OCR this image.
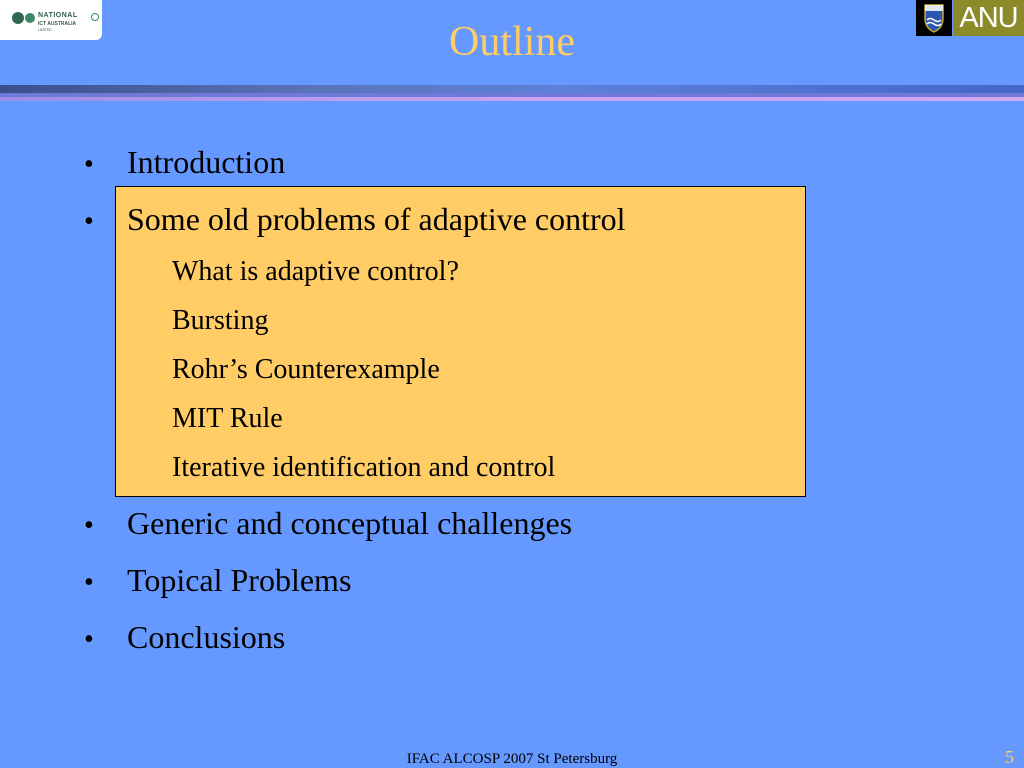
NATIONAL
ICT AUSTRALIA
LIMITED	ANU
Outline
• Introduction
• Some old problems of adaptive control
– What is adaptive control?
– Bursting
– Rohr’s Counterexample
– MIT Rule
– Iterative identification and control
• Generic and conceptual challenges
• Topical Problems
• Conclusions
IFAC ALCOSP 2007 St Petersburg	5
